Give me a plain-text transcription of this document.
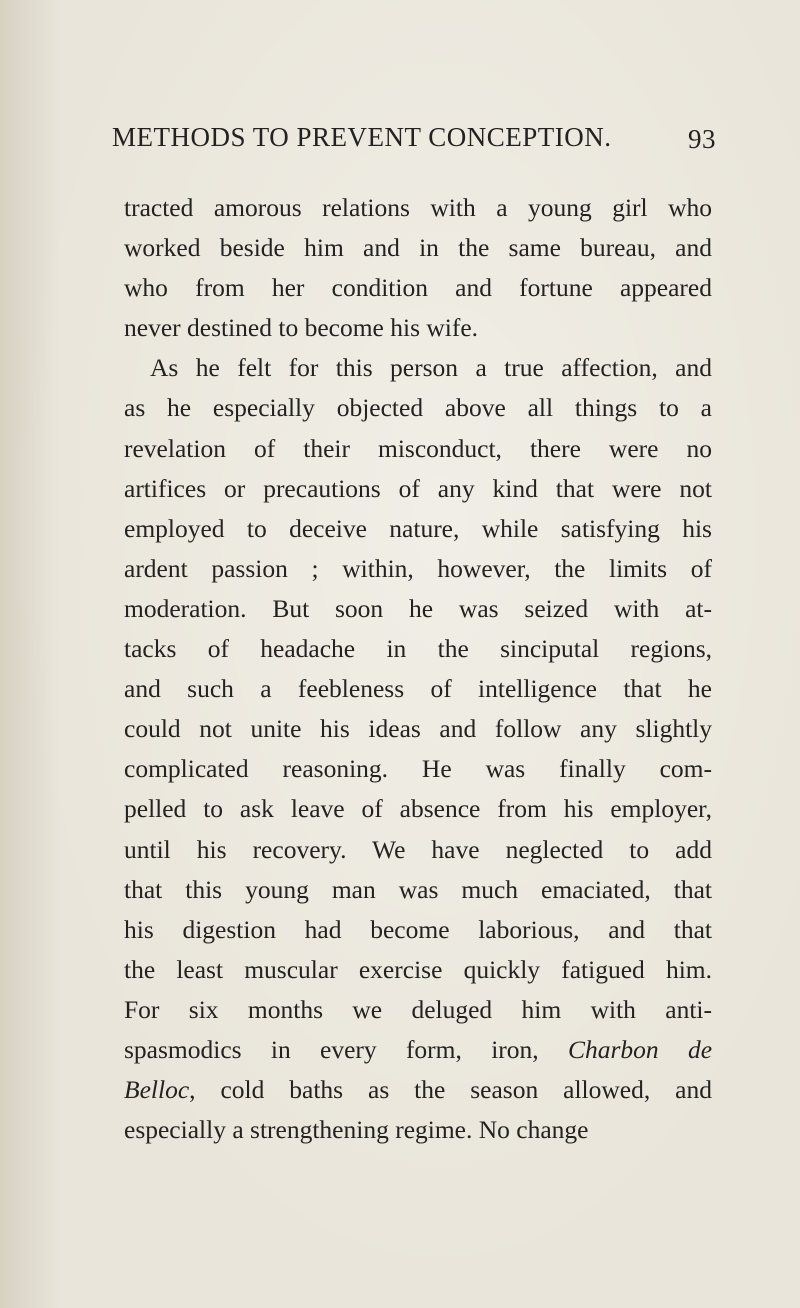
METHODS TO PREVENT CONCEPTION.	93
tracted amorous relations with a young girl who
worked beside him and in the same bureau, and
who from her condition and fortune appeared
never destined to become his wife.
As he felt for this person a true affection, and
as he especially objected above all things to a
revelation of their misconduct, there were no
artifices or precautions of any kind that were not
employed to deceive nature, while satisfying his
ardent passion ; within, however, the limits of
moderation. But soon he was seized with at-
tacks of headache in the sinciputal regions,
and such a feebleness of intelligence that he
could not unite his ideas and follow any slightly
complicated reasoning. He was finally com-
pelled to ask leave of absence from his employer,
until his recovery. We have neglected to add
that this young man was much emaciated, that
his digestion had become laborious, and that
the least muscular exercise quickly fatigued him.
For six months we deluged him with anti-
spasmodics in every form, iron, Charbon de
Belloc, cold baths as the season allowed, and
especially a strengthening regime. No change
